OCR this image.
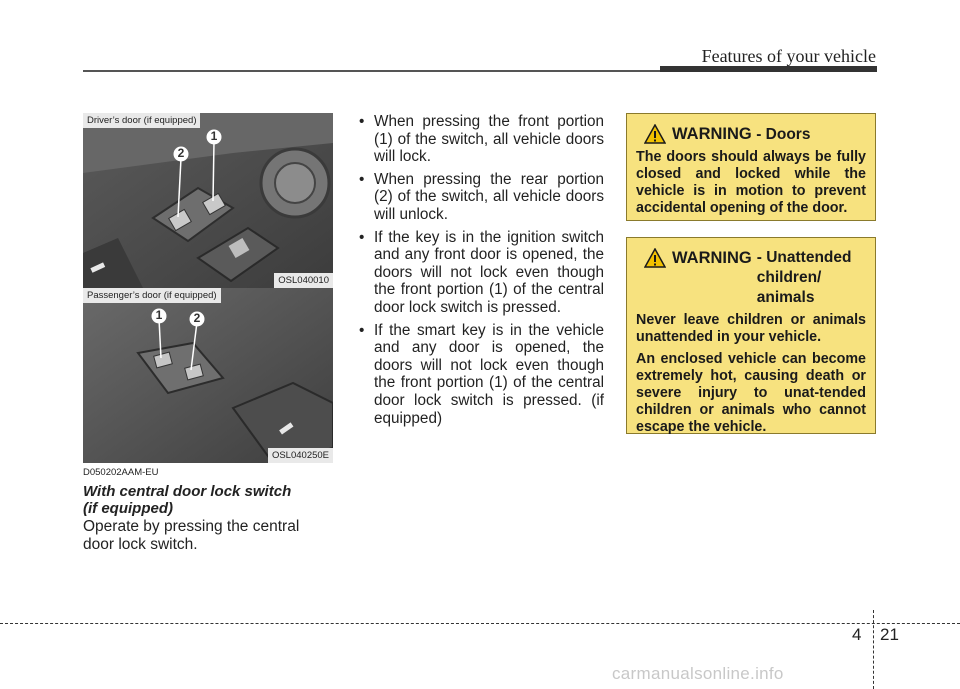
Features of your vehicle
2
1
Driver’s door (if equipped)
OSL040010
1	2
Passenger’s door (if equipped)
OSL040250E
D050202AAM-EU
With central door lock switch
(if equipped)
Operate by pressing the central door lock switch.
• When pressing the front portion (1) of the switch, all vehicle doors will lock.
• When pressing the rear portion (2) of the switch, all vehicle doors will unlock.
• If the key is in the ignition switch and any front door is opened, the doors will not lock even though the front portion (1) of the central door lock switch is pressed.
• If the smart key is in the vehicle and any door is opened, the doors will not lock even though the front portion (1) of the central door lock switch is pressed. (if equipped)
WARNING - Doors

The doors should always be fully closed and locked while the vehicle is in motion to prevent accidental opening of the door.

WARNING - Unattended children/ animals

Never leave children or animals unattended in your vehicle.

An enclosed vehicle can become extremely hot, causing death or severe injury to unat-tended children or animals who cannot escape the vehicle.

4 21
carmanualsonline.info
